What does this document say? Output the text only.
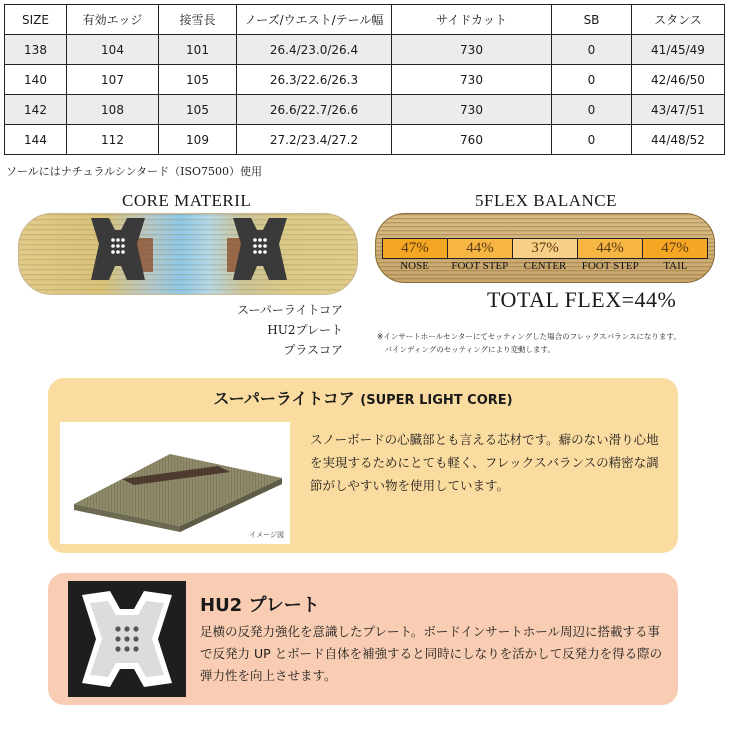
SIZE	有効エッジ	接雪長	ノーズ/ウエスト/テール幅	サイドカット	SB	スタンス
138	104	101	26.4/23.0/26.4	730	0	41/45/49
140	107	105	26.3/22.6/26.3	730	0	42/46/50
142	108	105	26.6/22.7/26.6	730	0	43/47/51
144	112	109	27.2/23.4/27.2	760	0	44/48/52
ソールにはナチュラルシンタード（ISO7500）使用
CORE MATERIL
スーパーライトコア
HU2プレート
プラスコア
5FLEX BALANCE
47%	44%	37%	44%	47%
NOSE	FOOT STEP	CENTER	FOOT STEP	TAIL
TOTAL FLEX=44%
※インサートホールセンターにてセッティングした場合のフレックスバランスになります。
　バインディングのセッティングにより変動します。
スーパーライトコア (SUPER LIGHT CORE)
イメージ図
スノーボードの心臓部とも言える芯材です。癖のない滑り心地を実現するためにとても軽く、フレックスバランスの精密な調節がしやすい物を使用しています。
HU2 プレート
足横の反発力強化を意識したプレート。ボードインサートホール周辺に搭載する事で反発力 UP とボード自体を補強すると同時にしなりを活かして反発力を得る際の弾力性を向上させます。
